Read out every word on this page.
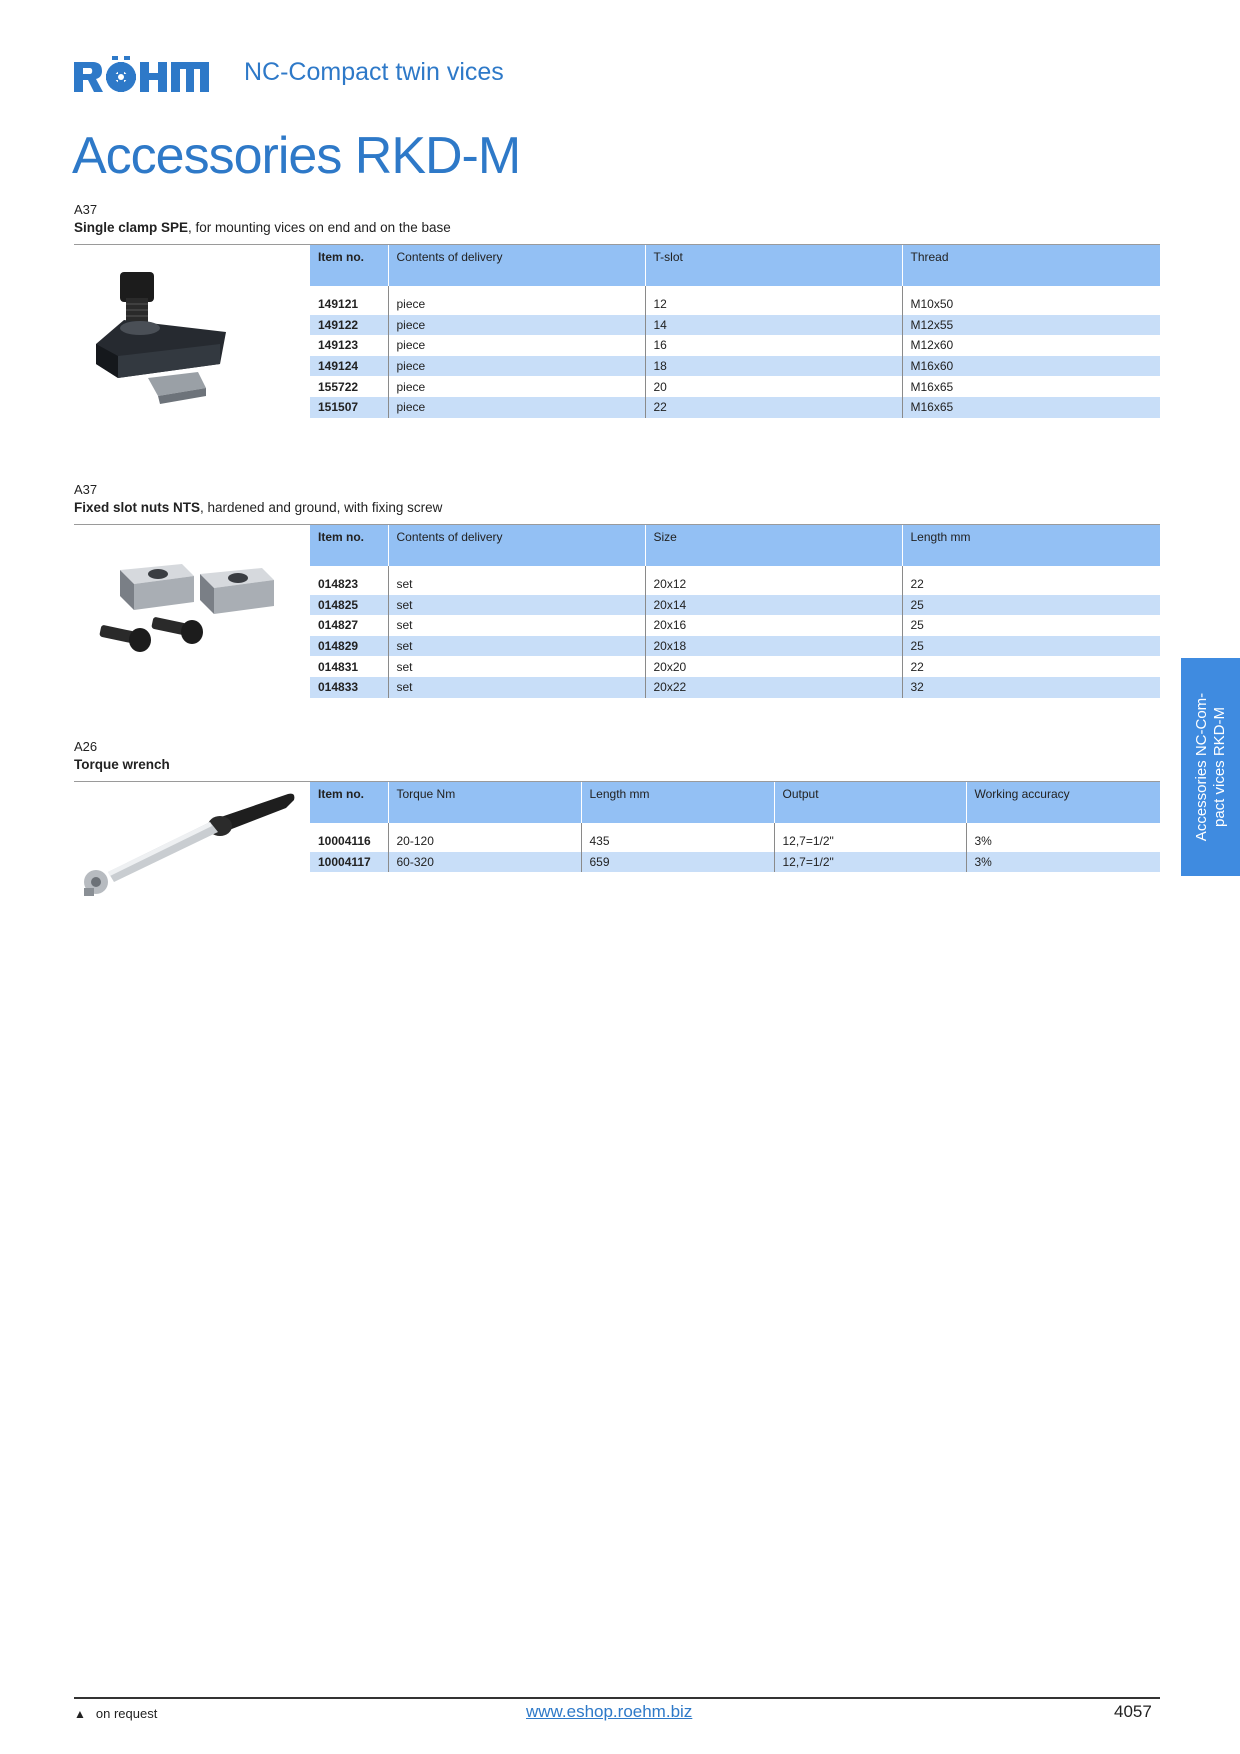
NC-Compact twin vices
Accessories RKD-M
A37
Single clamp SPE, for mounting vices on end and on the base
Item no.	Contents of delivery	T-slot	Thread

149121	piece	12	M10x50
149122	piece	14	M12x55
149123	piece	16	M12x60
149124	piece	18	M16x60
155722	piece	20	M16x65
151507	piece	22	M16x65
A37
Fixed slot nuts NTS, hardened and ground, with fixing screw
Item no.	Contents of delivery	Size	Length mm

014823	set	20x12	22
014825	set	20x14	25
014827	set	20x16	25
014829	set	20x18	25
014831	set	20x20	22
014833	set	20x22	32
A26
Torque wrench
Item no.	Torque Nm	Length mm	Output	Working accuracy

10004116	20-120	435	12,7=1/2"	3%
10004117	60-320	659	12,7=1/2"	3%
Accessories NC-Com- pact vices RKD-M
▲ on request	www.eshop.roehm.biz	4057
